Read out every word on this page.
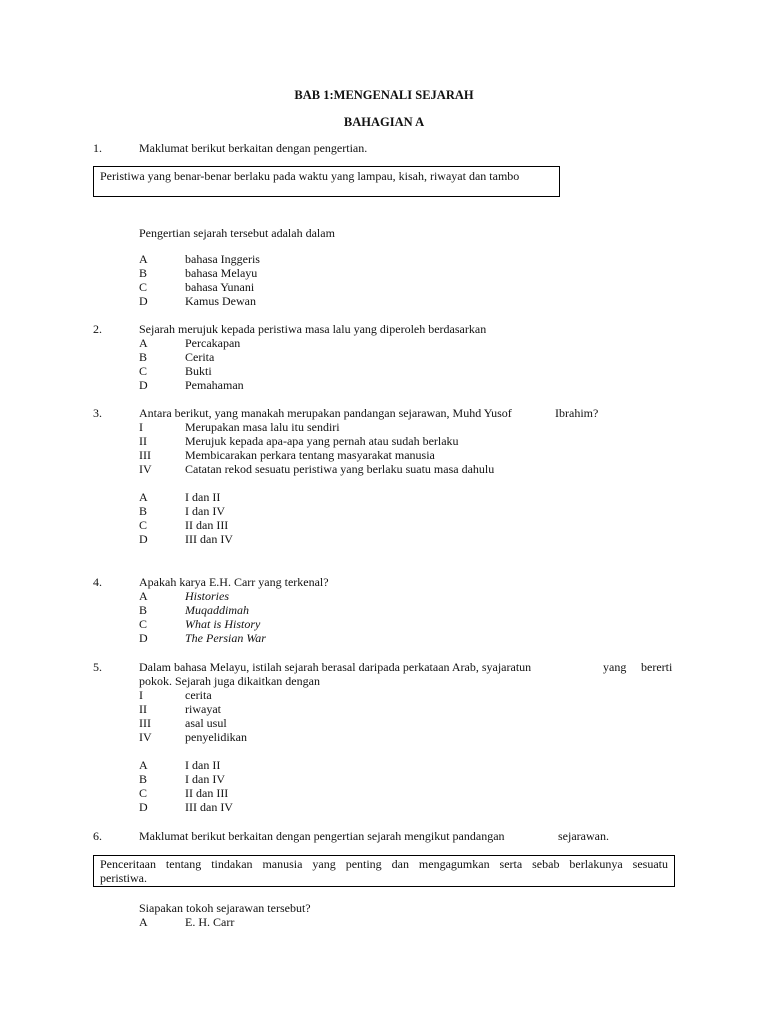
BAB 1:MENGENALI SEJARAH
BAHAGIAN A
1.	Maklumat berikut berkaitan dengan pengertian.
Peristiwa yang benar-benar berlaku pada waktu yang lampau, kisah, riwayat dan tambo
Pengertian sejarah tersebut adalah dalam
A	bahasa Inggeris
B	bahasa Melayu
C	bahasa Yunani
D	Kamus Dewan
2.	Sejarah merujuk kepada peristiwa masa lalu yang diperoleh berdasarkan
A	Percakapan
B	Cerita
C	Bukti
D	Pemahaman
3.	Antara berikut, yang manakah merupakan pandangan sejarawan, Muhd Yusof	Ibrahim?
I	Merupakan masa lalu itu sendiri
II	Merujuk kepada apa-apa yang pernah atau sudah berlaku
III	Membicarakan perkara tentang masyarakat manusia
IV	Catatan rekod sesuatu peristiwa yang berlaku suatu masa dahulu
A	I dan II
B	I dan IV
C	II dan III
D	III dan IV
4.	Apakah karya E.H. Carr yang terkenal?
A	Histories
B	Muqaddimah
C	What is History
D	The Persian War
5.	Dalam bahasa Melayu, istilah sejarah berasal daripada perkataan Arab, syajaratun	yang bererti
pokok. Sejarah juga dikaitkan dengan
I	cerita
II	riwayat
III	asal usul
IV	penyelidikan
A	I dan II
B	I dan IV
C	II dan III
D	III dan IV
6.	Maklumat berikut berkaitan dengan pengertian sejarah mengikut pandangan	sejarawan.
Penceritaan tentang tindakan manusia yang penting dan mengagumkan serta sebab berlakunya sesuatu
peristiwa.
Siapakan tokoh sejarawan tersebut?
A	E. H. Carr
